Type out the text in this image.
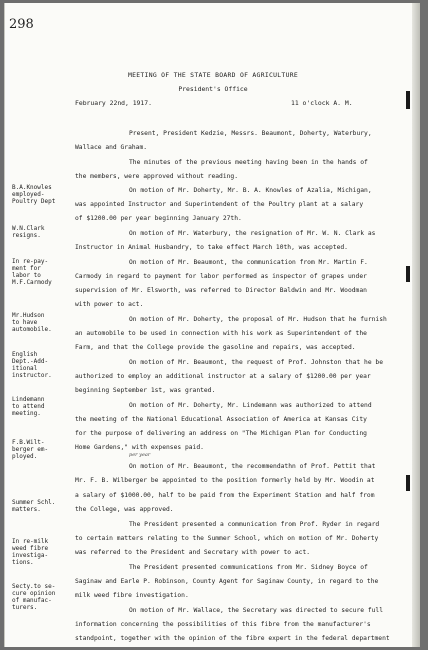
298
MEETING OF THE STATE BOARD OF AGRICULTURE
President's Office
February 22nd, 1917.	11 o'clock A. M.
Present, President Kedzie, Messrs. Beaumont, Doherty, Waterbury,
Wallace and Graham.
The minutes of the previous meeting having been in the hands of
the members, were approved without reading.
On motion of Mr. Doherty, Mr. B. A. Knowles of Azalia, Michigan,
was appointed Instructor and Superintendent of the Poultry plant at a salary
of $1200.00 per year beginning January 27th.
On motion of Mr. Waterbury, the resignation of Mr. W. N. Clark as
Instructor in Animal Husbandry, to take effect March 10th, was accepted.
On motion of Mr. Beaumont, the communication from Mr. Martin F.
Carmody in regard to payment for labor performed as inspector of grapes under
supervision of Mr. Elsworth, was referred to Director Baldwin and Mr. Woodman
with power to act.
On motion of Mr. Doherty, the proposal of Mr. Hudson that he furnish
an automobile to be used in connection with his work as Superintendent of the
Farm, and that the College provide the gasoline and repairs, was accepted.
On motion of Mr. Beaumont, the request of Prof. Johnston that he be
authorized to employ an additional instructor at a salary of $1200.00 per year
beginning September 1st, was granted.
On motion of Mr. Doherty, Mr. Lindemann was authorized to attend
the meeting of the National Educational Association of America at Kansas City
for the purpose of delivering an address on "The Michigan Plan for Conducting
Home Gardens," with expenses paid.
On motion of Mr. Beaumont, the recommendathn of Prof. Pettit that
Mr. F. B. Wilberger be appointed to the position formerly held by Mr. Woodin at
a salary of $1000.00, half to be paid from the Experiment Station and half from
the College, was approved.
The President presented a communication from Prof. Ryder in regard
to certain matters relating to the Summer School, which on motion of Mr. Doherty
was referred to the President and Secretary with power to act.
The President presented communications from Mr. Sidney Boyce of
Saginaw and Earle P. Robinson, County Agent for Saginaw County, in regard to the
milk weed fibre investigation.
On motion of Mr. Wallace, the Secretary was directed to secure full
information concerning the possibilities of this fibre from the manufacturer's
standpoint, together with the opinion of the fibre expert in the federal department
per year
B.A.Knowles
employed-
Poultry Dept
W.N.Clark
resigns.
In re-pay-
ment for
labor to
M.F.Carmody
Mr.Hudson
to have
automobile.
English
Dept.-Add-
itional
instructor.
Lindemann
to attend
meeting.
F.B.Wilt-
berger em-
ployed.
Summer Schl.
matters.
In re-milk
weed fibre
investiga-
tions.
Secty.to se-
cure opinion
of manufac-
turers.
